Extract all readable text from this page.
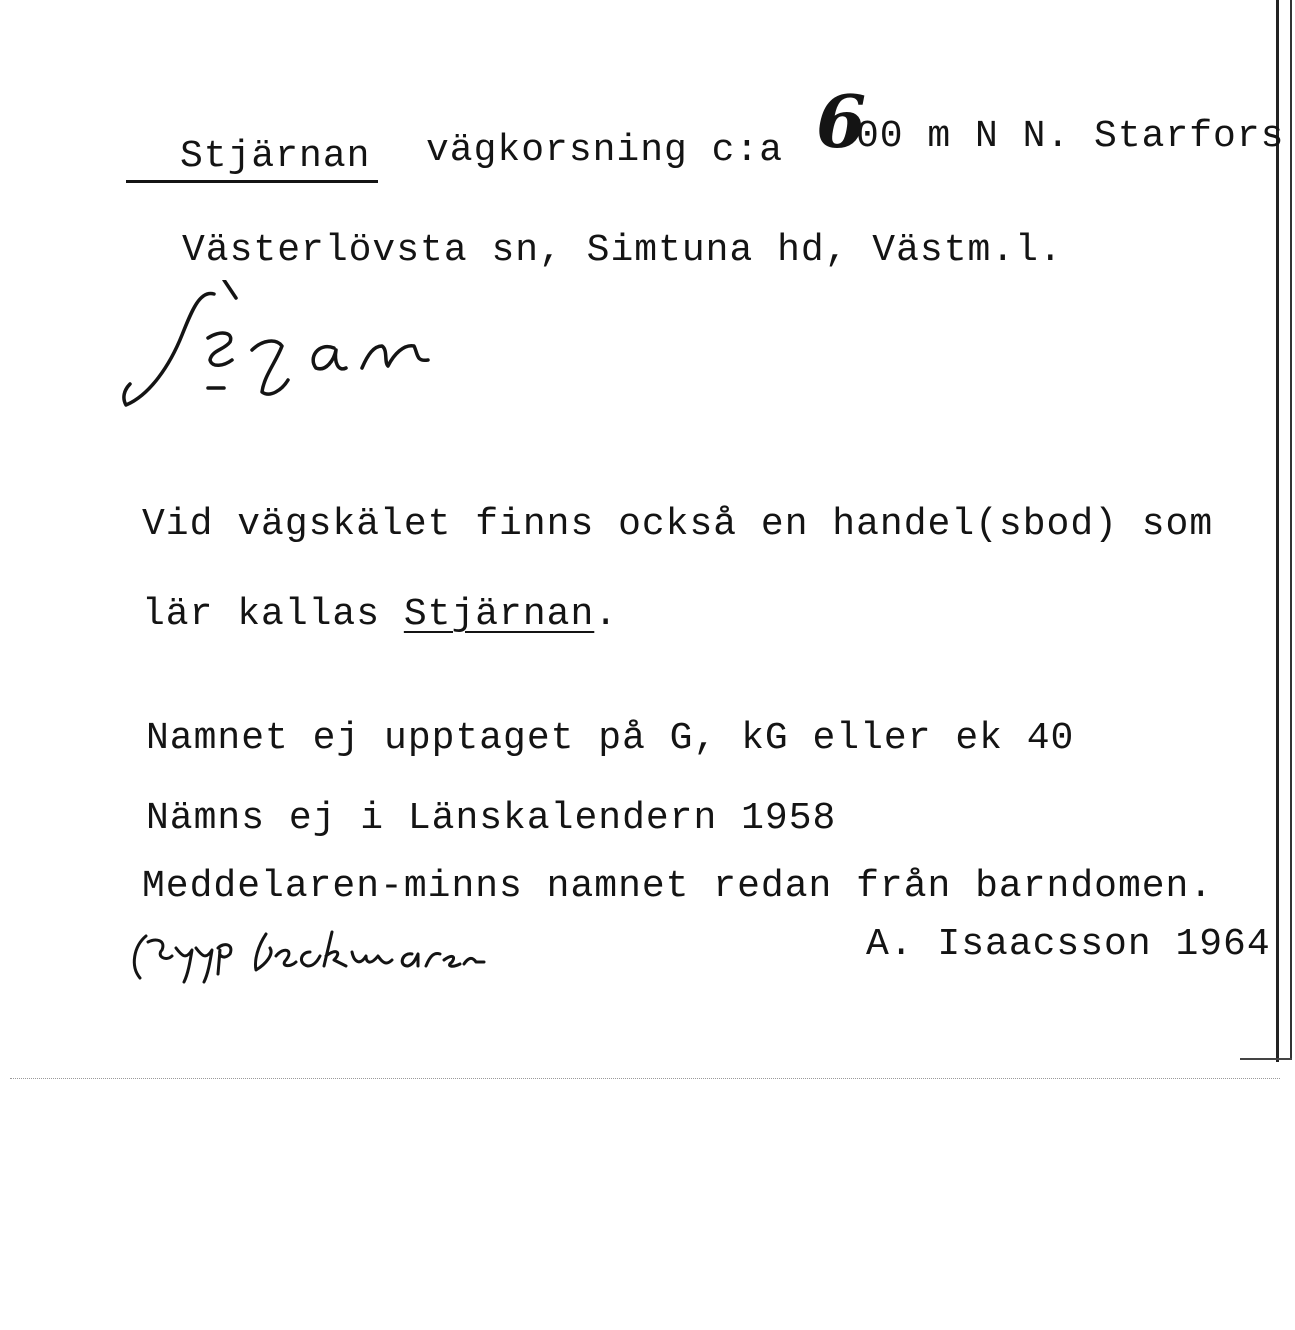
Stjärnan vägkorsning c:a 6
00 m N N. Starfors
Västerlövsta sn, Simtuna hd, Västm.l.
Vid vägskälet finns också en handel(sbod) som
lär kallas Stjärnan.
Namnet ej upptaget på G, kG eller ek 40
Nämns ej i Länskalendern 1958
Meddelaren-minns namnet redan från barndomen.
A. Isaacsson 1964
